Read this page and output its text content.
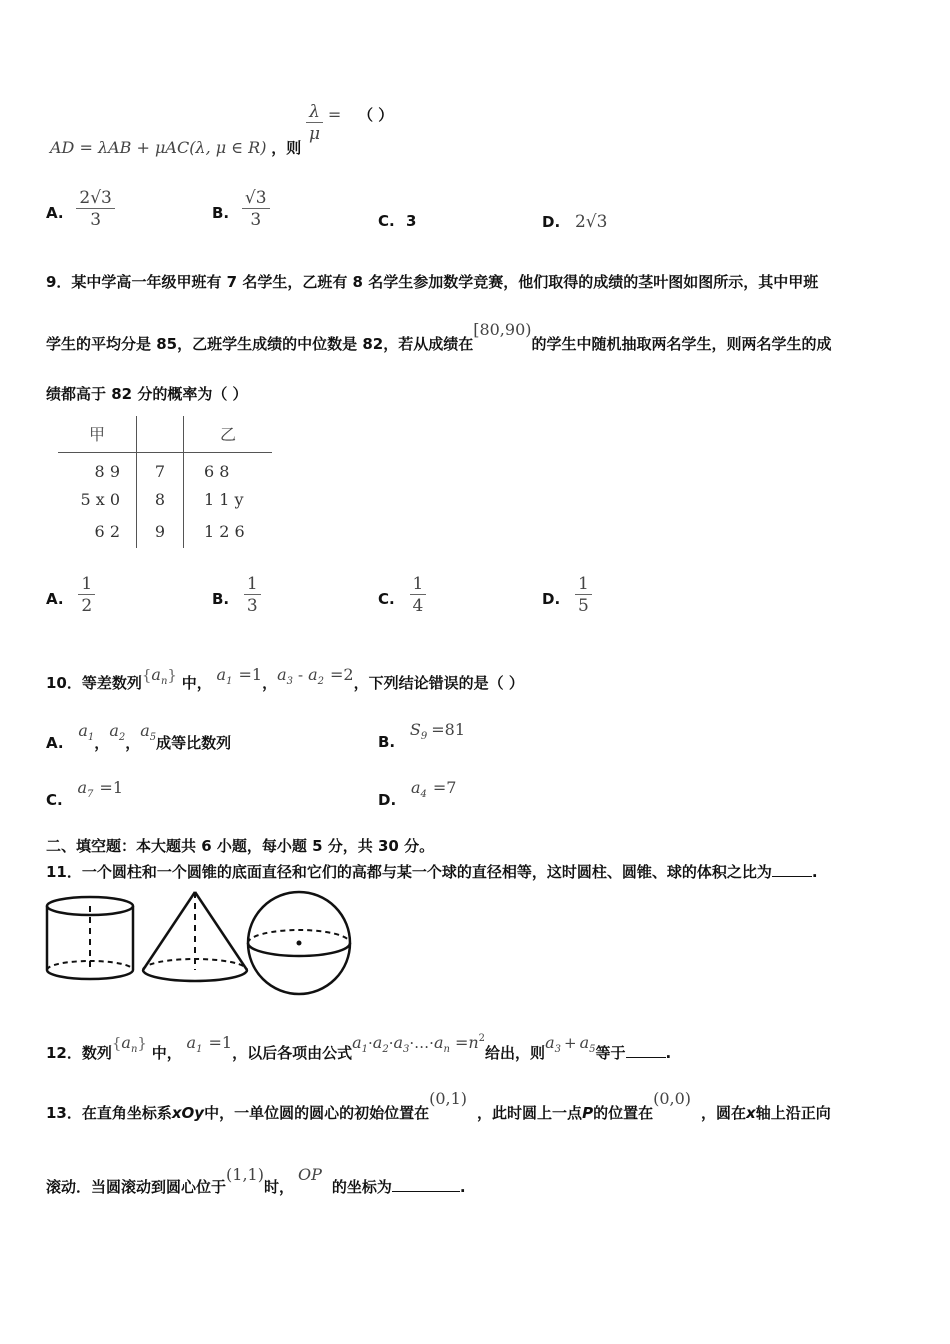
AD = λAB + μAC(λ, μ ∈ R) ，则
$\frac{\lambda}{\mu}$ = （ ）
A. $\frac{2√3}{3}$	B. $\frac{√3}{3}$	C. 3	D. 2√3
9．某中学高一年级甲班有 7 名学生，乙班有 8 名学生参加数学竞赛，他们取得的成绩的茎叶图如图所示，其中甲班
学生的平均分是 85，乙班学生成绩的中位数是 82，若从成绩在[80,90)的学生中随机抽取两名学生，则两名学生的成
绩都高于 82 分的概率为（ ）
甲		乙
8 9	7	6 8
5 x 0	8	1 1 y
6 2	9	1 2 6
A. $\frac{1}{2}$	B. $\frac{1}{3}$	C. $\frac{1}{4}$	D. $\frac{1}{5}$
10．等差数列$\{a_n\}$ 中， $a_1 =1$，$a_3 - a_2 =2$，下列结论错误的是（ ）
A. $a_1$，$a_2$，$a_5$成等比数列	B. $S_9 =81$
C. $a_7 =1$
D. $a_4 =7$
二、填空题：本大题共 6 小题，每小题 5 分，共 30 分。
11．一个圆柱和一个圆锥的底面直径和它们的高都与某一个球的直径相等，这时圆柱、圆锥、球的体积之比为	.
12．数列$\{a_n\}$ 中， $a_1 =1$，以后各项由公式$a_1\cdot a_2\cdot a_3\cdot\dots\cdot a_n =n^2$给出，则$a_3 + a_5$等于	.
13．在直角坐标系xOy中，一单位圆的圆心的初始位置在(0,1)，此时圆上一点P的位置在(0,0)，圆在x轴上沿正向
滚动．当圆滚动到圆心位于(1,1)时，OP的坐标为	.
